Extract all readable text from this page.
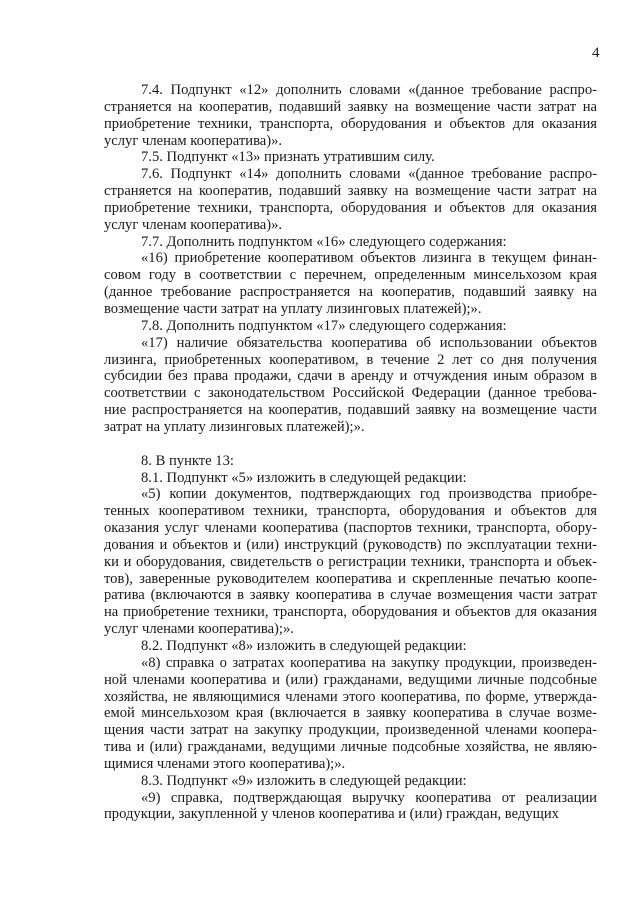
4

7.4. Подпункт «12» дополнить словами «(данное требование распро-
страняется на кооператив, подавший заявку на возмещение части затрат на
приобретение техники, транспорта, оборудования и объектов для оказания
услуг членам кооператива)».

7.5. Подпункт «13» признать утратившим силу.

7.6. Подпункт «14» дополнить словами «(данное требование распро-
страняется на кооператив, подавший заявку на возмещение части затрат на
приобретение техники, транспорта, оборудования и объектов для оказания
услуг членам кооператива)».

7.7. Дополнить подпунктом «16» следующего содержания:

«16) приобретение кооперативом объектов лизинга в текущем финан-
совом году в соответствии с перечнем, определенным минсельхозом края
(данное требование распространяется на кооператив, подавший заявку на
возмещение части затрат на уплату лизинговых платежей);».

7.8. Дополнить подпунктом «17» следующего содержания:

«17) наличие обязательства кооператива об использовании объектов
лизинга, приобретенных кооперативом, в течение 2 лет со дня получения
субсидии без права продажи, сдачи в аренду и отчуждения иным образом в
соответствии с законодательством Российской Федерации (данное требова-
ние распространяется на кооператив, подавший заявку на возмещение части
затрат на уплату лизинговых платежей);».

8. В пункте 13:

8.1. Подпункт «5» изложить в следующей редакции:

«5) копии документов, подтверждающих год производства приобре-
тенных кооперативом техники, транспорта, оборудования и объектов для
оказания услуг членами кооператива (паспортов техники, транспорта, обору-
дования и объектов и (или) инструкций (руководств) по эксплуатации техни-
ки и оборудования, свидетельств о регистрации техники, транспорта и объек-
тов), заверенные руководителем кооператива и скрепленные печатью коопе-
ратива (включаются в заявку кооператива в случае возмещения части затрат
на приобретение техники, транспорта, оборудования и объектов для оказания
услуг членами кооператива);».

8.2. Подпункт «8» изложить в следующей редакции:

«8) справка о затратах кооператива на закупку продукции, произведен-
ной членами кооператива и (или) гражданами, ведущими личные подсобные
хозяйства, не являющимися членами этого кооператива, по форме, утвержда-
емой минсельхозом края (включается в заявку кооператива в случае возме-
щения части затрат на закупку продукции, произведенной членами коопера-
тива и (или) гражданами, ведущими личные подсобные хозяйства, не являю-
щимися членами этого кооператива);».

8.3. Подпункт «9» изложить в следующей редакции:

«9) справка, подтверждающая выручку кооператива от реализации
продукции, закупленной у членов кооператива и (или) граждан, ведущих
